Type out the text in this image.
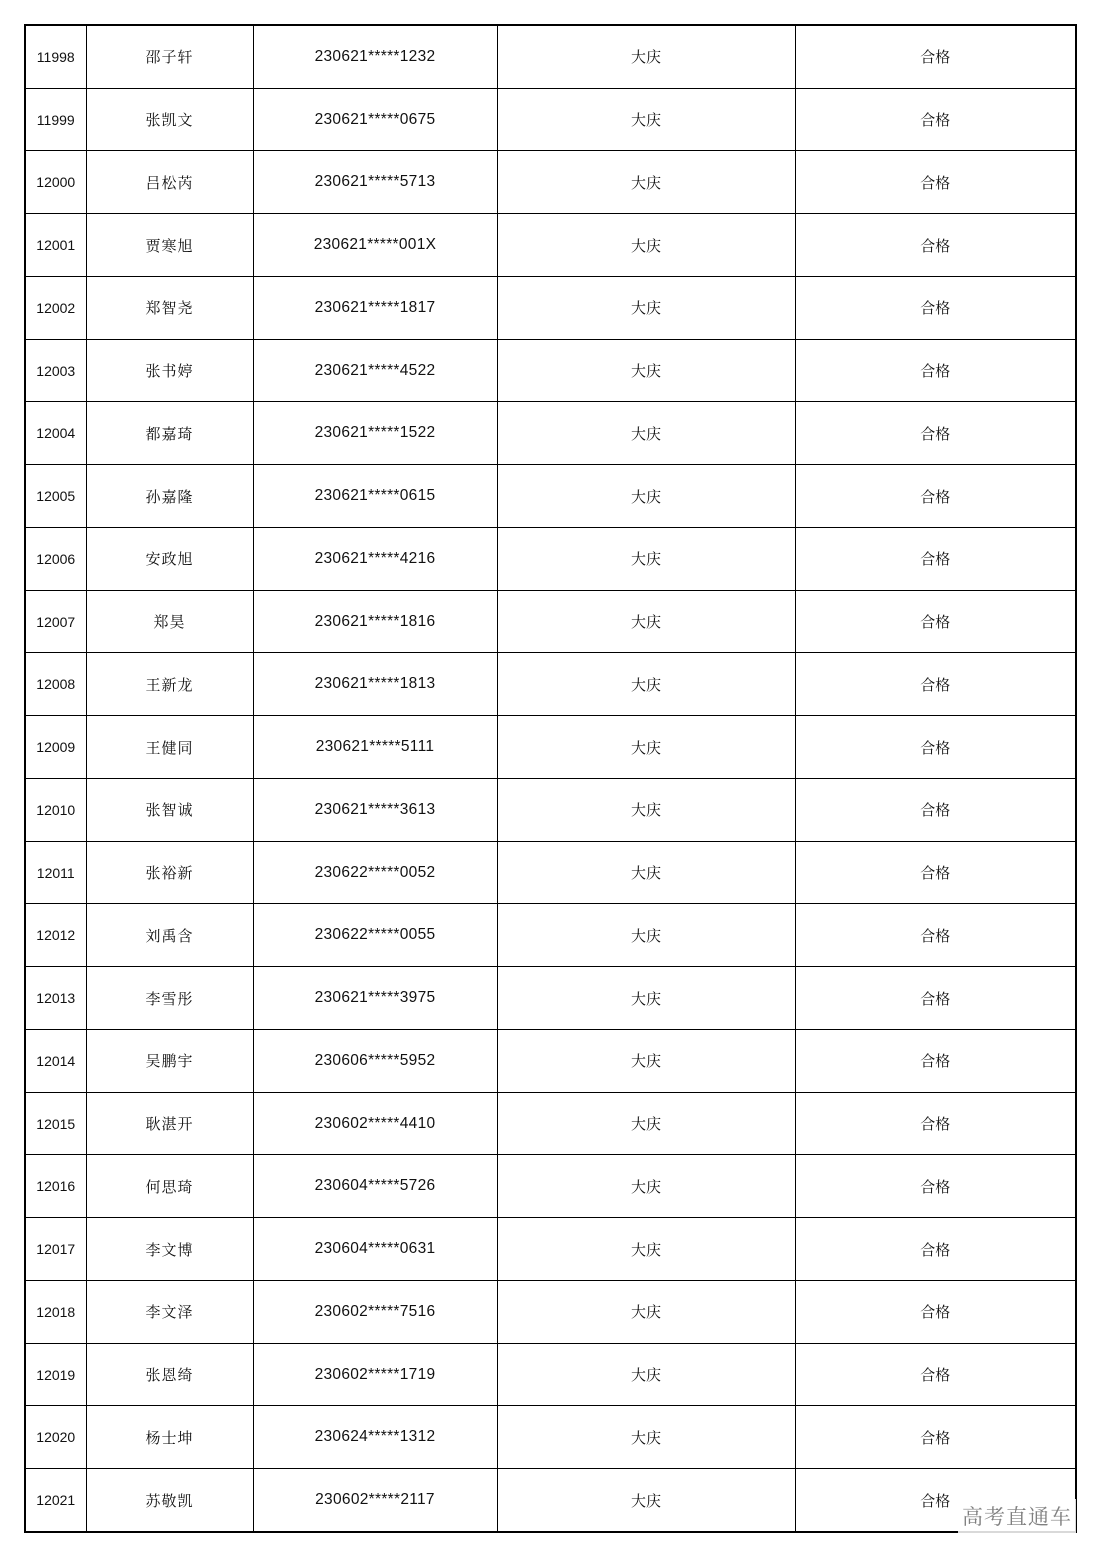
11998	邵子轩	230621*****1232	大庆	合格
11999	张凯文	230621*****0675	大庆	合格
12000	吕松芮	230621*****5713	大庆	合格
12001	贾寒旭	230621*****001X	大庆	合格
12002	郑智尧	230621*****1817	大庆	合格
12003	张书婷	230621*****4522	大庆	合格
12004	都嘉琦	230621*****1522	大庆	合格
12005	孙嘉隆	230621*****0615	大庆	合格
12006	安政旭	230621*****4216	大庆	合格
12007	郑昊	230621*****1816	大庆	合格
12008	王新龙	230621*****1813	大庆	合格
12009	王健同	230621*****5111	大庆	合格
12010	张智诚	230621*****3613	大庆	合格
12011	张裕新	230622*****0052	大庆	合格
12012	刘禹含	230622*****0055	大庆	合格
12013	李雪彤	230621*****3975	大庆	合格
12014	吴鹏宇	230606*****5952	大庆	合格
12015	耿湛开	230602*****4410	大庆	合格
12016	何思琦	230604*****5726	大庆	合格
12017	李文博	230604*****0631	大庆	合格
12018	李文泽	230602*****7516	大庆	合格
12019	张恩绮	230602*****1719	大庆	合格
12020	杨士坤	230624*****1312	大庆	合格
12021	苏敬凯	230602*****2117	大庆	合格
高考直通车
